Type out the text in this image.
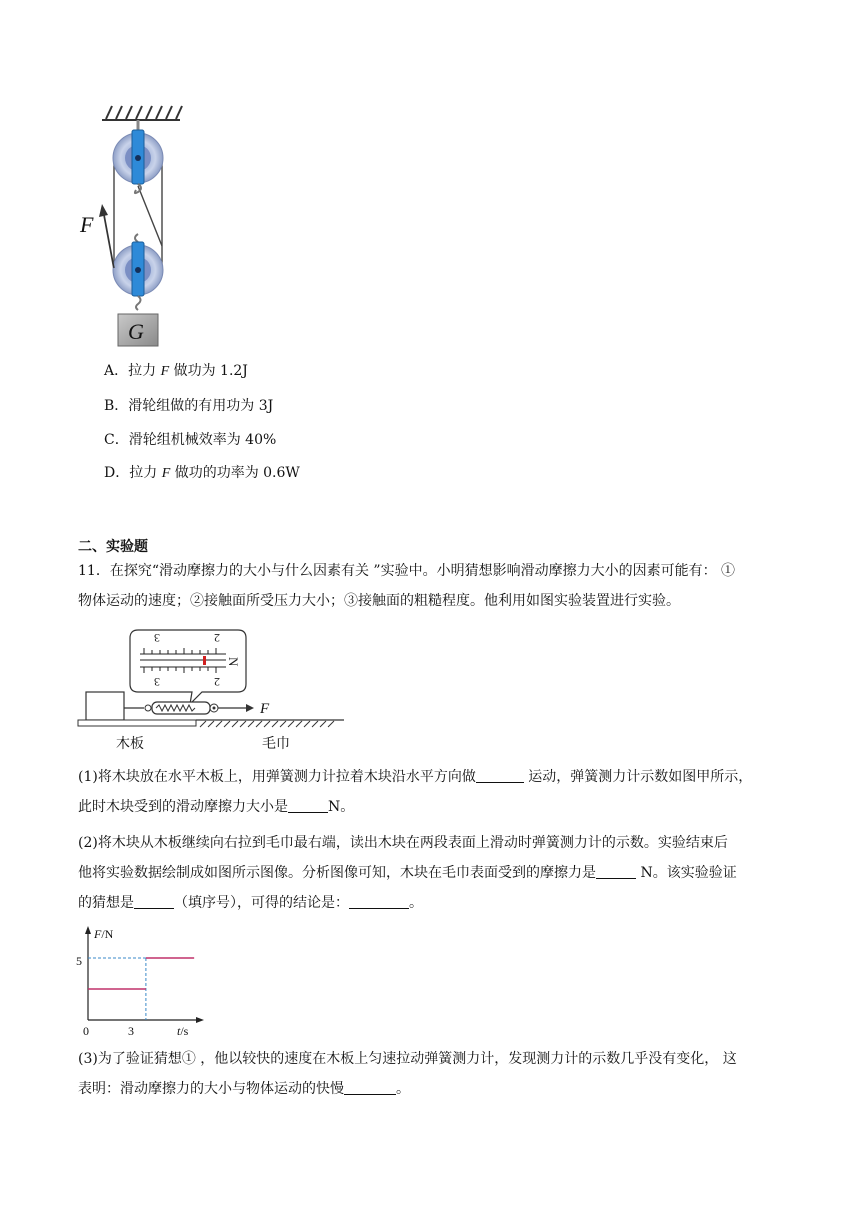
F
G
A．拉力 F 做功为 1.2J
B．滑轮组做的有用功为 3J
C．滑轮组机械效率为 40%
D．拉力 F 做功的功率为 0.6W
二、实验题
11．在探究“滑动摩擦力的大小与什么因素有关 ”实验中。小明猜想影响滑动摩擦力大小的因素可能有： ①
物体运动的速度；②接触面所受压力大小；③接触面的粗糙程度。他利用如图实验装置进行实验。
3	2
3	2
N
F
木板	毛巾
(1)将木块放在水平木板上，用弹簧测力计拉着木块沿水平方向做	运动，弹簧测力计示数如图甲所示，
此时木块受到的滑动摩擦力大小是	N。
(2)将木块从木板继续向右拉到毛巾最右端，读出木块在两段表面上滑动时弹簧测力计的示数。实验结束后
他将实验数据绘制成如图所示图像。分析图像可知，木块在毛巾表面受到的摩擦力是	N。该实验验证
的猜想是	（填序号），可得的结论是：	。
F/N
t/s
0	3
5
(3)为了验证猜想① ，他以较快的速度在木板上匀速拉动弹簧测力计，发现测力计的示数几乎没有变化， 这
表明：滑动摩擦力的大小与物体运动的快慢	。
